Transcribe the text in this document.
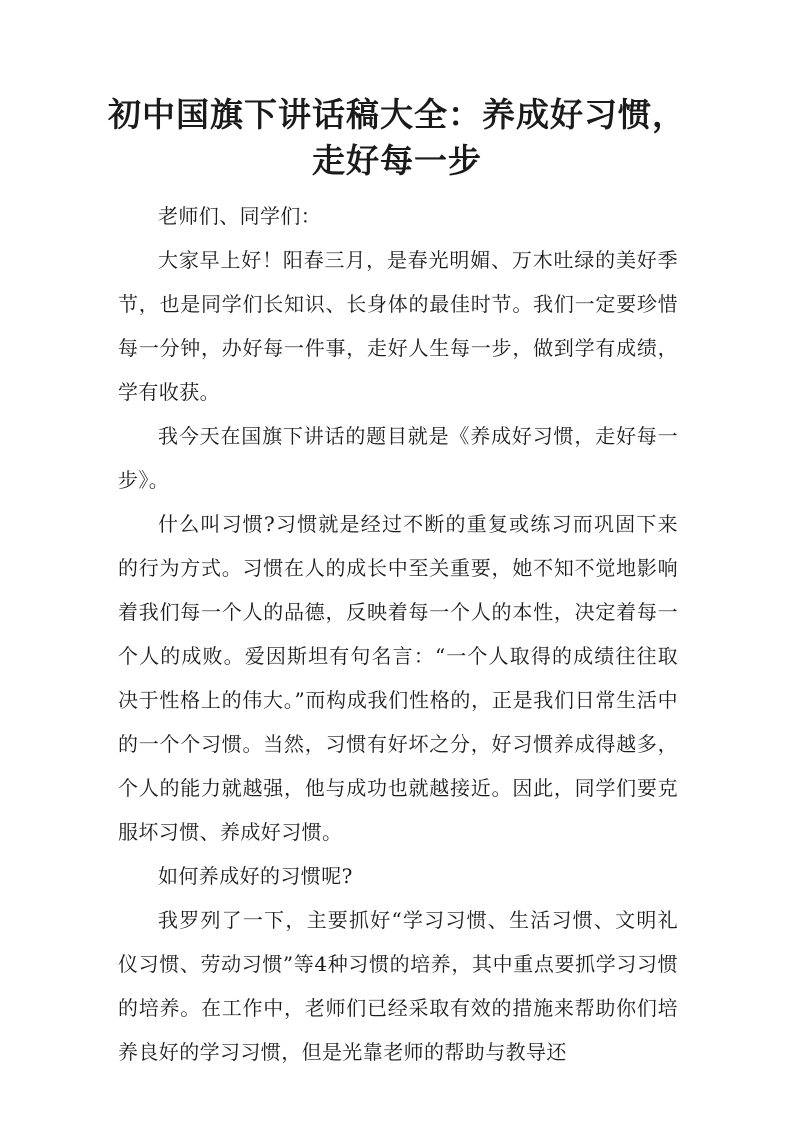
初中国旗下讲话稿大全：养成好习惯，走好每一步

老师们、同学们：

大家早上好！阳春三月，是春光明媚、万木吐绿的美好季节，也是同学们长知识、长身体的最佳时节。我们一定要珍惜每一分钟，办好每一件事，走好人生每一步，做到学有成绩，学有收获。

我今天在国旗下讲话的题目就是《养成好习惯，走好每一步》。

什么叫习惯?习惯就是经过不断的重复或练习而巩固下来的行为方式。习惯在人的成长中至关重要，她不知不觉地影响着我们每一个人的品德，反映着每一个人的本性，决定着每一个人的成败。爱因斯坦有句名言：“一个人取得的成绩往往取决于性格上的伟大。”而构成我们性格的，正是我们日常生活中的一个个习惯。当然，习惯有好坏之分，好习惯养成得越多，个人的能力就越强，他与成功也就越接近。因此，同学们要克服坏习惯、养成好习惯。

如何养成好的习惯呢?

我罗列了一下，主要抓好“学习习惯、生活习惯、文明礼仪习惯、劳动习惯”等4种习惯的培养，其中重点要抓学习习惯的培养。在工作中，老师们已经采取有效的措施来帮助你们培养良好的学习习惯，但是光靠老师的帮助与教导还
